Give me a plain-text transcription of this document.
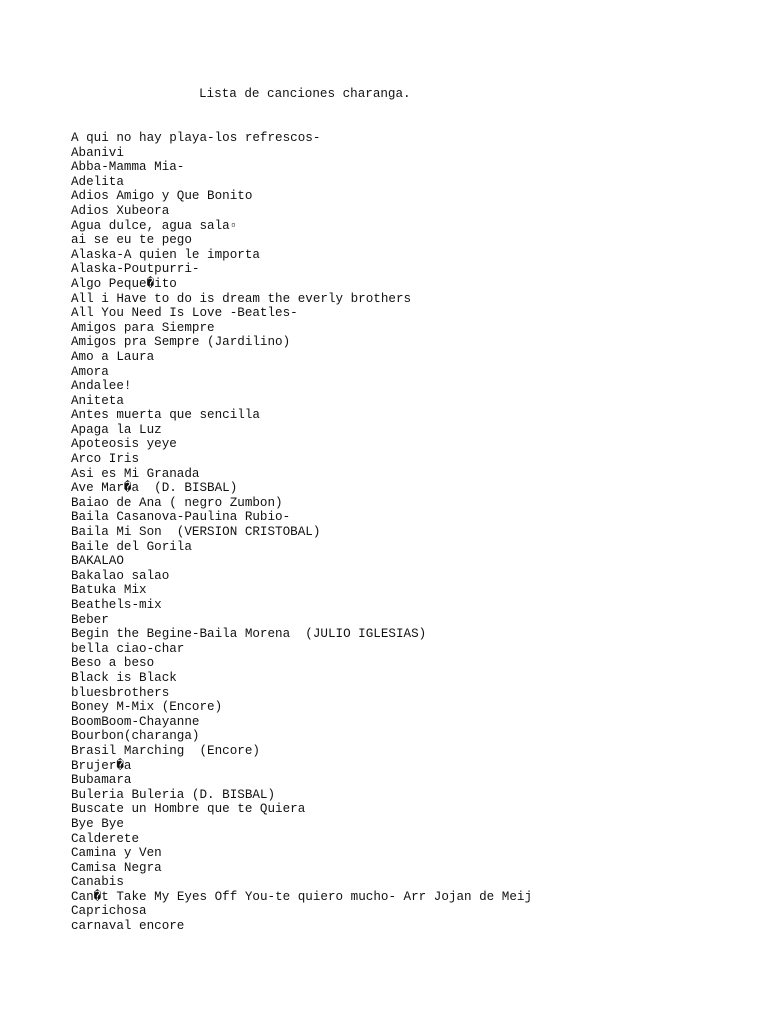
Lista de canciones charanga.
A qui no hay playa-los refrescos-
Abanivi
Abba-Mamma Mia-
Adelita
Adios Amigo y Que Bonito
Adios Xubeora
Agua dulce, agua sala▫
ai se eu te pego
Alaska-A quien le importa
Alaska-Poutpurri-
Algo Peque�ito
All i Have to do is dream the everly brothers
All You Need Is Love -Beatles-
Amigos para Siempre
Amigos pra Sempre (Jardilino)
Amo a Laura
Amora
Andalee!
Aniteta
Antes muerta que sencilla
Apaga la Luz
Apoteosis yeye
Arco Iris
Asi es Mi Granada
Ave Mar�a  (D. BISBAL)
Baiao de Ana ( negro Zumbon)
Baila Casanova-Paulina Rubio-
Baila Mi Son  (VERSION CRISTOBAL)
Baile del Gorila
BAKALAO
Bakalao salao
Batuka Mix
Beathels-mix
Beber
Begin the Begine-Baila Morena  (JULIO IGLESIAS)
bella ciao-char
Beso a beso
Black is Black
bluesbrothers
Boney M-Mix (Encore)
BoomBoom-Chayanne
Bourbon(charanga)
Brasil Marching  (Encore)
Brujer�a
Bubamara
Buleria Buleria (D. BISBAL)
Buscate un Hombre que te Quiera
Bye Bye
Calderete
Camina y Ven
Camisa Negra
Canabis
Can�t Take My Eyes Off You-te quiero mucho- Arr Jojan de Meij
Caprichosa
carnaval encore
